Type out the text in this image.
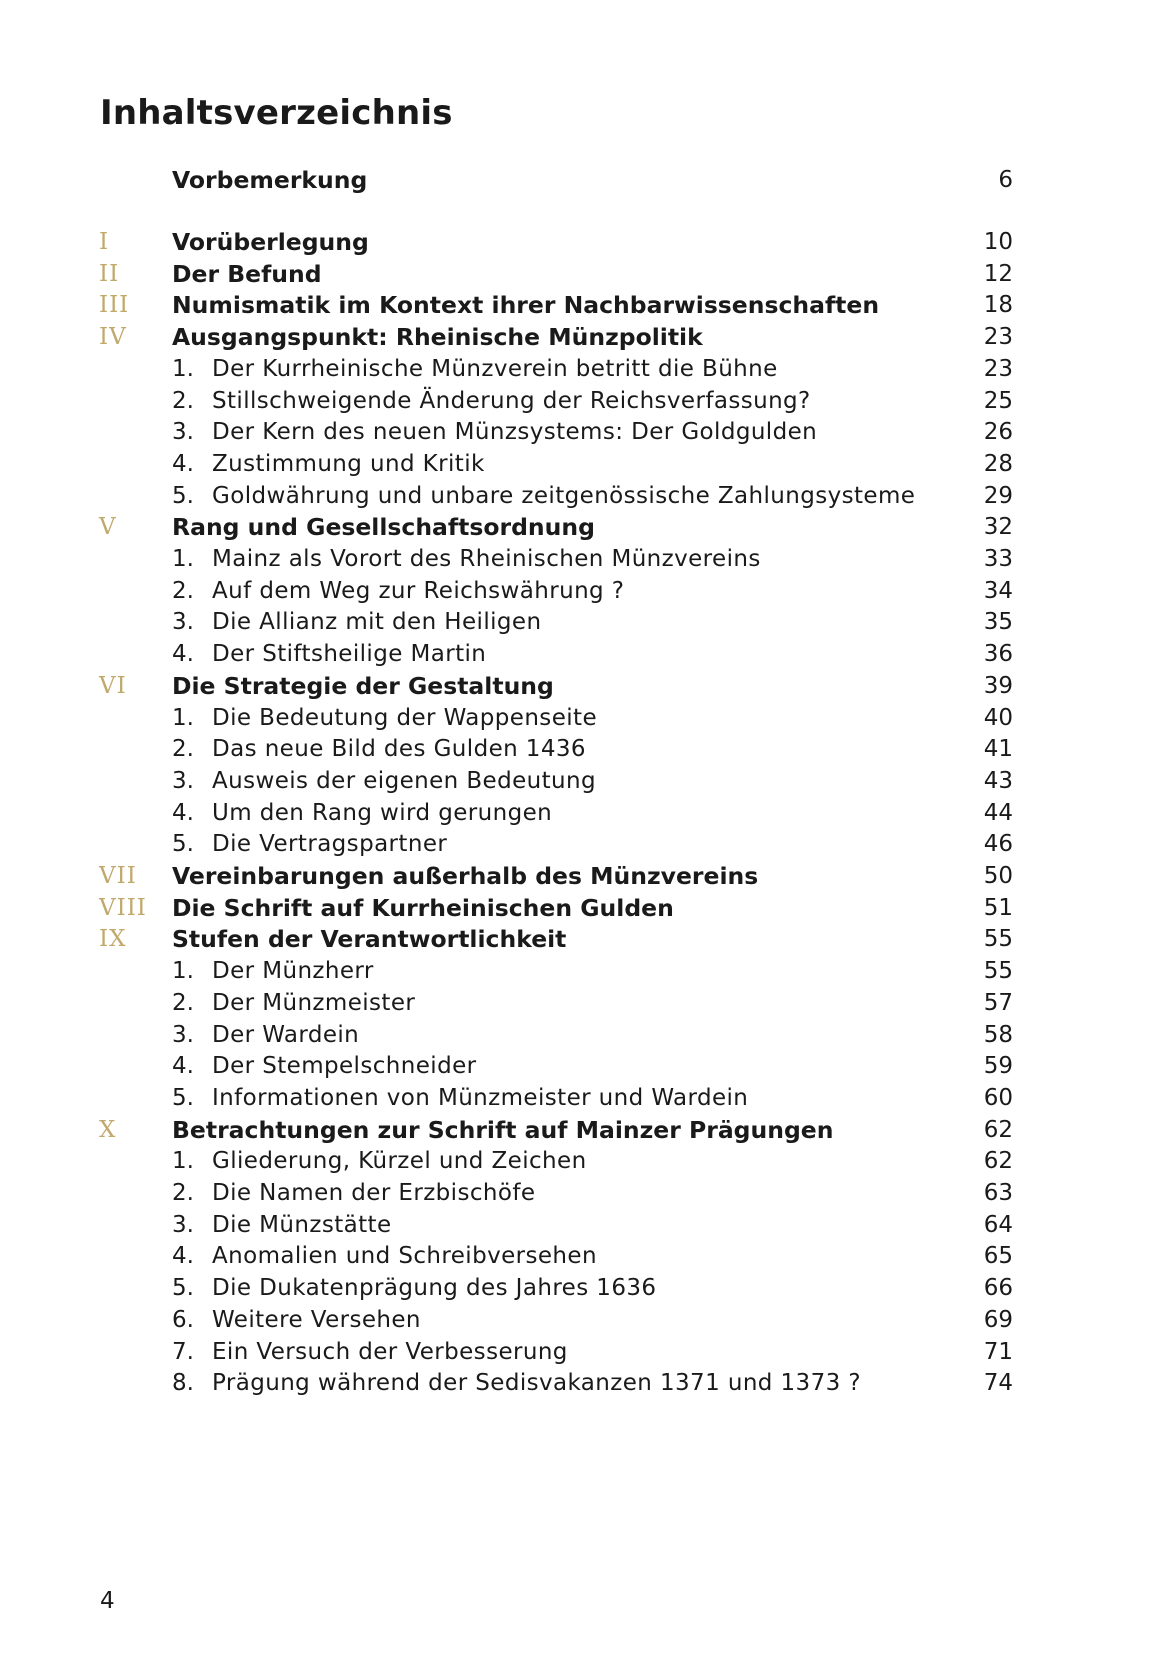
Inhaltsverzeichnis
Vorbemerkung	6
I	Vorüberlegung	10
II Der Befund	12
III Numismatik im Kontext ihrer Nachbarwissenschaften	18
IV Ausgangspunkt: Rheinische Münzpolitik	23
1. Der Kurrheinische Münzverein betritt die Bühne	23
2. Stillschweigende Änderung der Reichsverfassung?	25
3. Der Kern des neuen Münzsystems: Der Goldgulden	26
4. Zustimmung und Kritik	28
5. Goldwährung und unbare zeitgenössische Zahlungsysteme	29
V Rang und Gesellschaftsordnung	32
1. Mainz als Vorort des Rheinischen Münzvereins	33
2. Auf dem Weg zur Reichswährung ?	34
3. Die Allianz mit den Heiligen	35
4. Der Stiftsheilige Martin	36
VI Die Strategie der Gestaltung	39
1. Die Bedeutung der Wappenseite	40
2. Das neue Bild des Gulden 1436	41
3. Ausweis der eigenen Bedeutung	43
4. Um den Rang wird gerungen	44
5. Die Vertragspartner	46
VII Vereinbarungen außerhalb des Münzvereins	50
VIII Die Schrift auf Kurrheinischen Gulden	51
IX Stufen der Verantwortlichkeit	55
1. Der Münzherr	55
2. Der Münzmeister	57
3. Der Wardein	58
4. Der Stempelschneider	59
5. Informationen von Münzmeister und Wardein	60
X Betrachtungen zur Schrift auf Mainzer Prägungen	62
1. Gliederung, Kürzel und Zeichen	62
2. Die Namen der Erzbischöfe	63
3. Die Münzstätte	64
4. Anomalien und Schreibversehen	65
5. Die Dukatenprägung des Jahres 1636	66
6. Weitere Versehen	69
7. Ein Versuch der Verbesserung	71
8. Prägung während der Sedisvakanzen 1371 und 1373 ?	74
4
